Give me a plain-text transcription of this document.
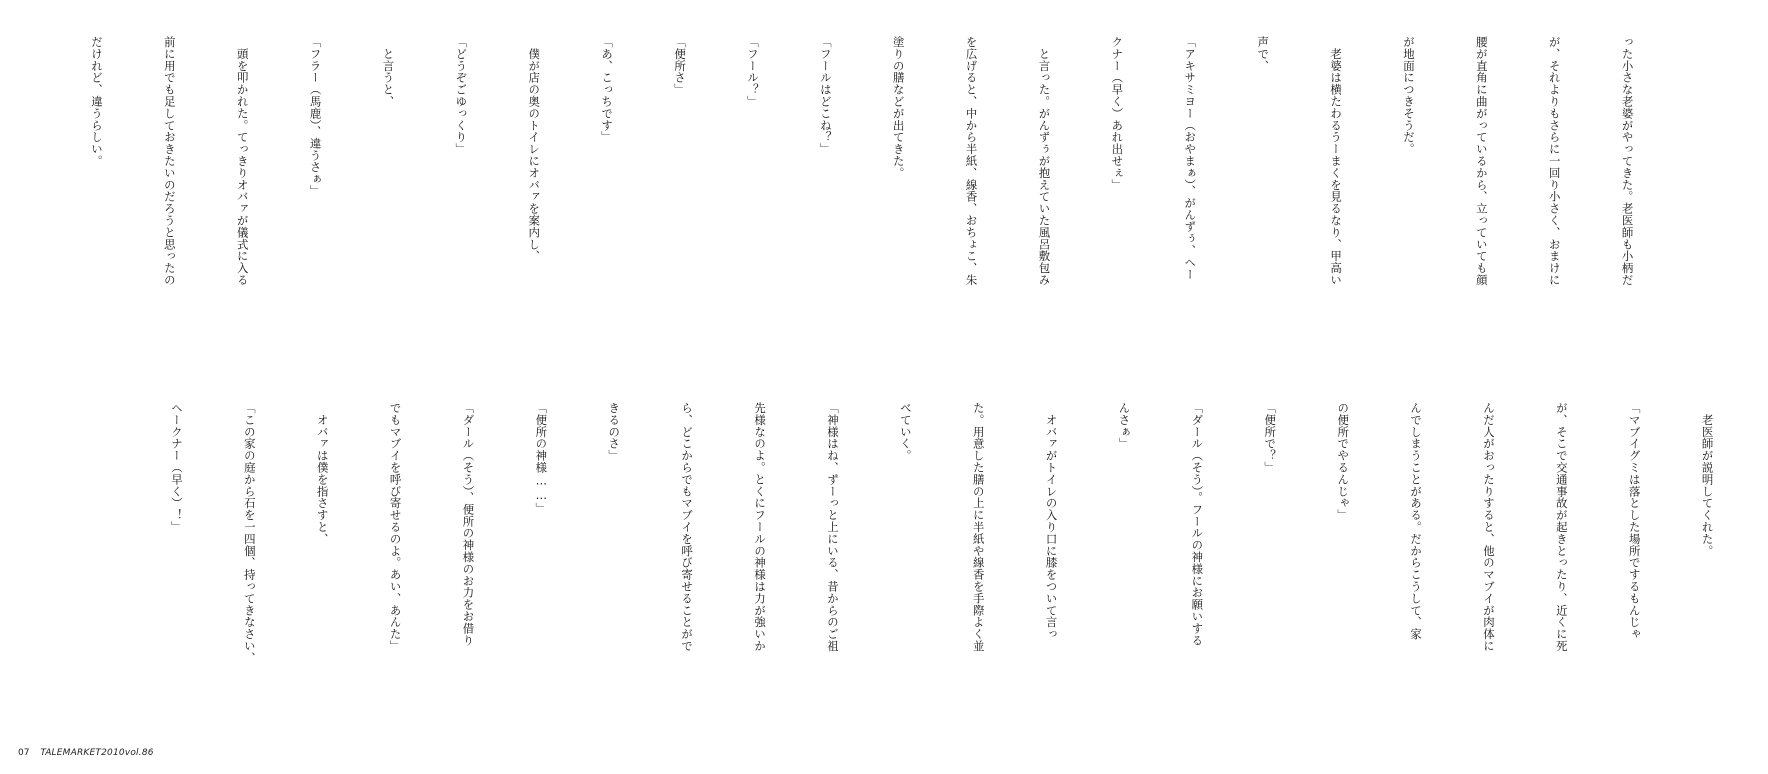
った小さな老婆がやってきた。老医師も小柄だ

が、それよりもさらに一回り小さく、おまけに

腰が直角に曲がっているから、立っていても顔

が地面につきそうだ。

　老婆は横たわるうーまくを見るなり、甲高い

声で、

「アキサミヨー（おやまぁ）、がんずぅ、ヘー

クナー（早く）あれ出せぇ」

　と言った。がんずぅが抱えていた風呂敷包み

を広げると、中から半紙、線香、おちょこ、朱

塗りの膳などが出てきた。

「フールはどこね？」

「フール？」

「便所さ」

「あ、こっちです」

　僕が店の奥のトイレにオバァを案内し、

「どうぞごゆっくり」

　と言うと、

「フラー（馬鹿）、違うさぁ」

　頭を叩かれた。てっきりオバァが儀式に入る

前に用でも足しておきたいのだろうと思ったの

だけれど、違うらしい。

　老医師が説明してくれた。

「マブイグミは落とした場所でするもんじゃ

が、そこで交通事故が起きとったり、近くに死

んだ人がおったりすると、他のマブイが肉体に

んでしまうことがある。だからこうして、家

の便所でやるんじゃ」

「便所で？」

「ダール（そう）。フールの神様にお願いする

んさぁ」

　オバァがトイレの入り口に膝をついて言っ

た。用意した膳の上に半紙や線香を手際よく並

べていく。

「神様はね、ずーっと上にいる、昔からのご祖

先様なのよ。とくにフールの神様は力が強いか

ら、どこからでもマブイを呼び寄せることがで

きるのさ」

「便所の神様……」

「ダール（そう）、便所の神様のお力をお借り

でもマブイを呼び寄せるのよ。あい、あんた」

　オバァは僕を指さすと、

「この家の庭から石を一四個、持ってきなさい、

ヘークナー（早く）！」

07 TALEMARKET2010vol.86
